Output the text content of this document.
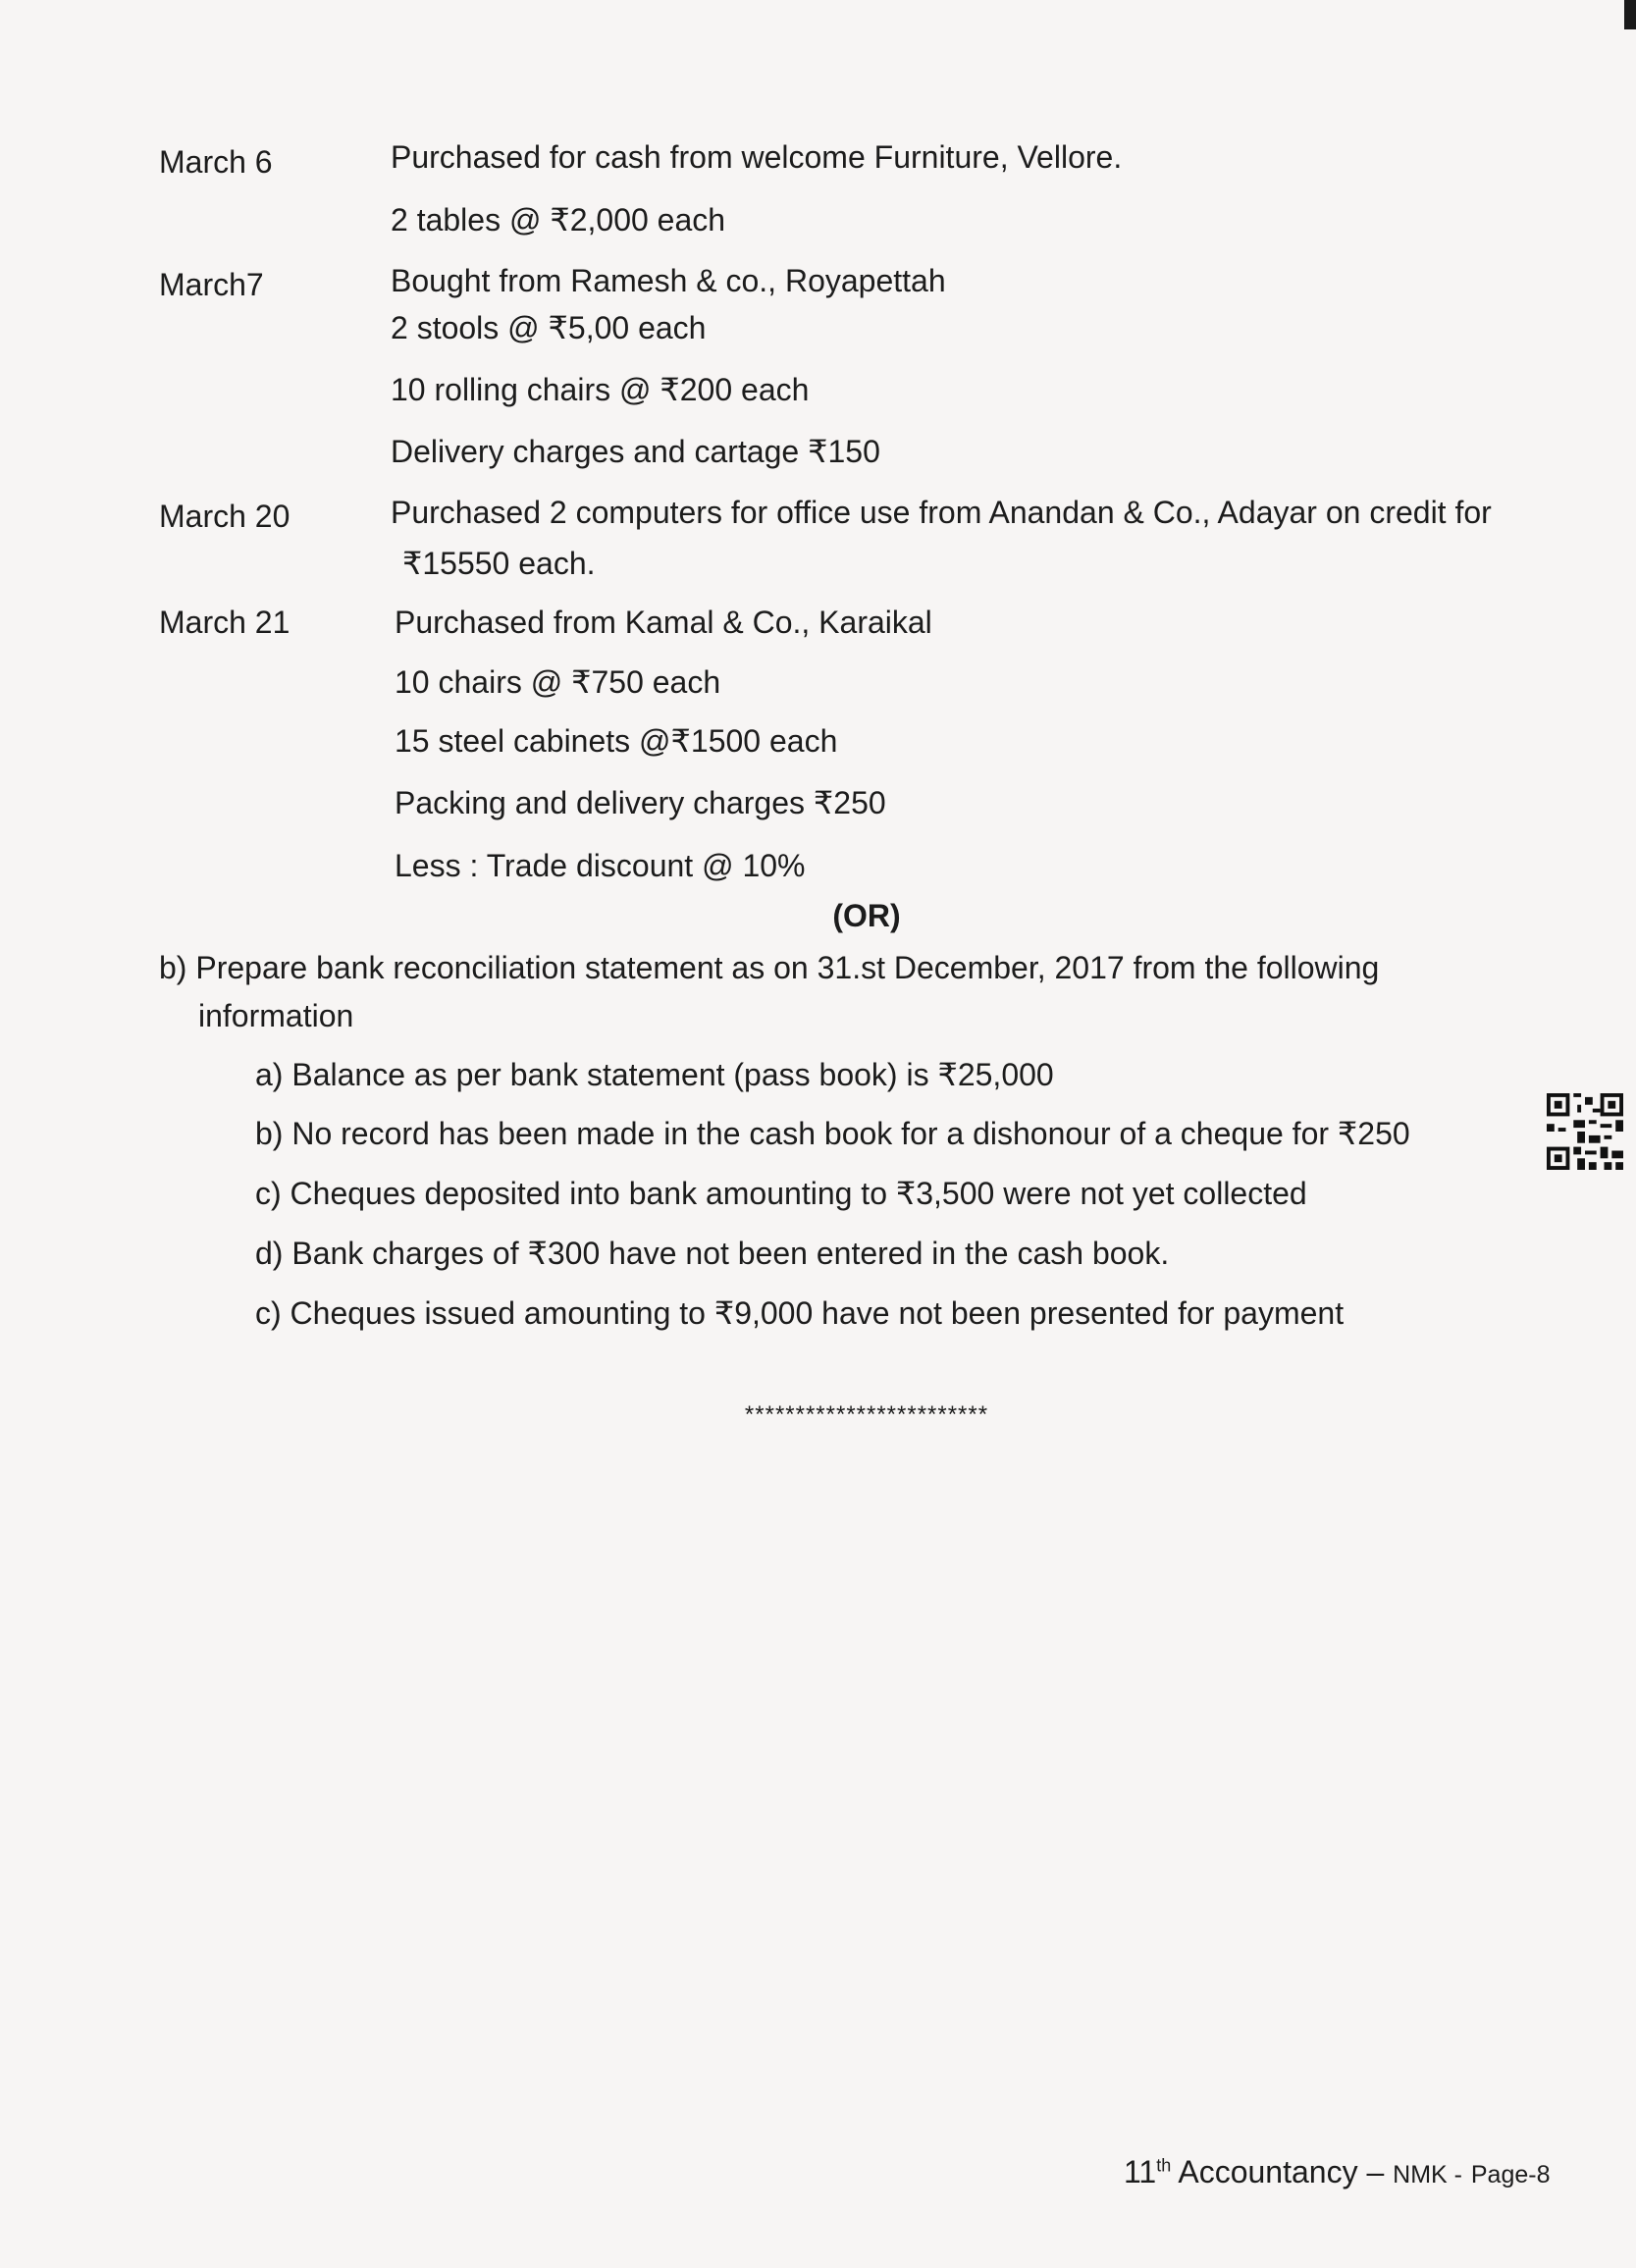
March 6	Purchased for cash from welcome Furniture, Vellore.
2 tables @ ₹2,000 each
March7	Bought from Ramesh & co., Royapettah
2 stools @ ₹5,00 each
10 rolling chairs @ ₹200 each
Delivery charges and cartage ₹150
March 20	Purchased 2 computers for office use from Anandan & Co., Adayar on credit for
₹15550 each.
March 21	Purchased from Kamal & Co., Karaikal
10 chairs @ ₹750 each
15 steel cabinets @₹1500 each
Packing and delivery charges ₹250
Less : Trade discount @ 10%
(OR)
b) Prepare bank reconciliation statement as on 31.st December, 2017 from the following
information
a) Balance as per bank statement (pass book) is ₹25,000
b) No record has been made in the cash book for a dishonour of a cheque for ₹250
c) Cheques deposited into bank amounting to ₹3,500 were not yet collected
d) Bank charges of ₹300 have not been entered in the cash book.
c) Cheques issued amounting to ₹9,000 have not been presented for payment
************************
11th Accountancy – NMK - Page-8
